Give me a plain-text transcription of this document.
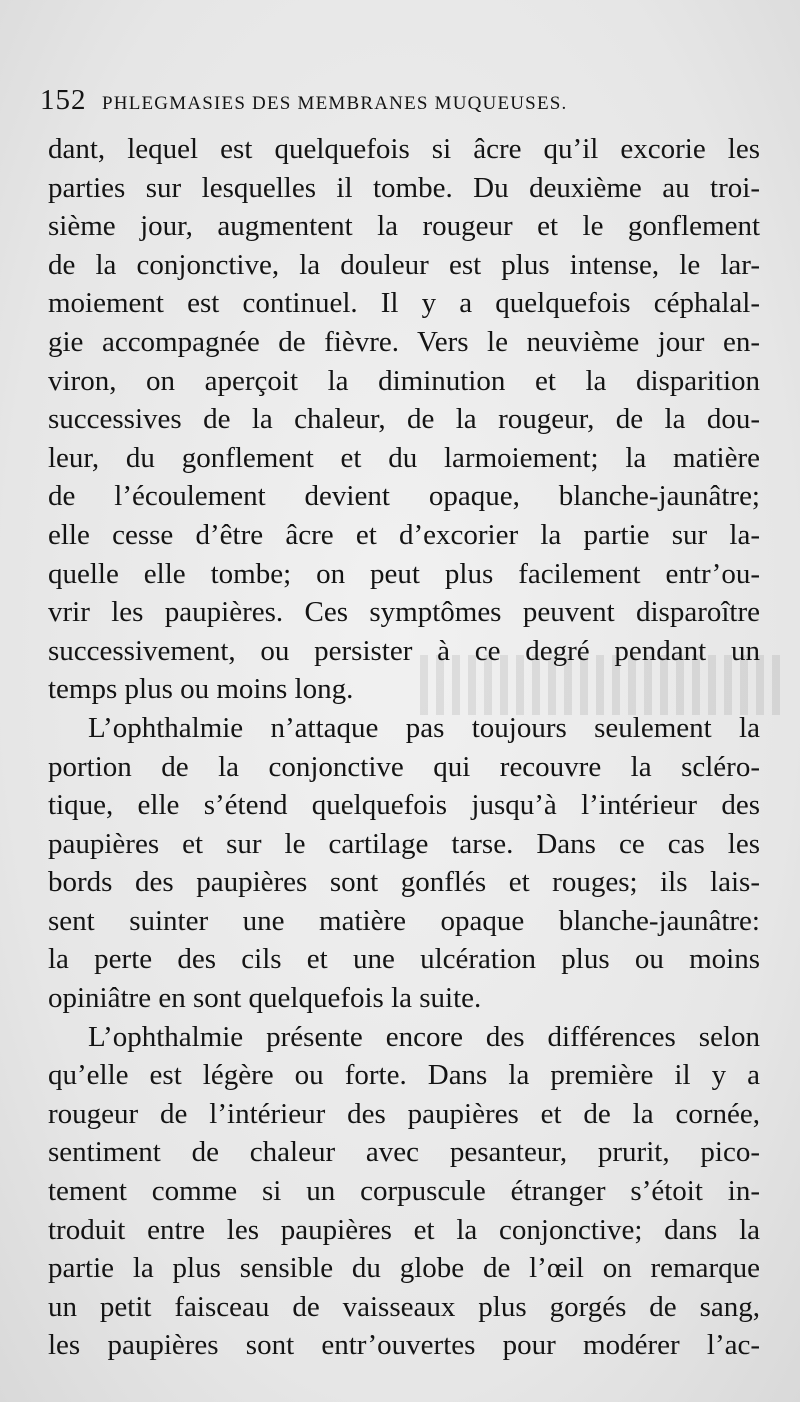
152 PHLEGMASIES DES MEMBRANES MUQUEUSES.
dant, lequel est quelquefois si âcre qu’il excorie les
parties sur lesquelles il tombe. Du deuxième au troi-
sième jour, augmentent la rougeur et le gonflement
de la conjonctive, la douleur est plus intense, le lar-
moiement est continuel. Il y a quelquefois céphalal-
gie accompagnée de fièvre. Vers le neuvième jour en-
viron, on aperçoit la diminution et la disparition
successives de la chaleur, de la rougeur, de la dou-
leur, du gonflement et du larmoiement; la matière
de l’écoulement devient opaque, blanche-jaunâtre;
elle cesse d’être âcre et d’excorier la partie sur la-
quelle elle tombe; on peut plus facilement entr’ou-
vrir les paupières. Ces symptômes peuvent disparoître
successivement, ou persister à ce degré pendant un
temps plus ou moins long.
L’ophthalmie n’attaque pas toujours seulement la
portion de la conjonctive qui recouvre la scléro-
tique, elle s’étend quelquefois jusqu’à l’intérieur des
paupières et sur le cartilage tarse. Dans ce cas les
bords des paupières sont gonflés et rouges; ils lais-
sent suinter une matière opaque blanche-jaunâtre:
la perte des cils et une ulcération plus ou moins
opiniâtre en sont quelquefois la suite.
L’ophthalmie présente encore des différences selon
qu’elle est légère ou forte. Dans la première il y a
rougeur de l’intérieur des paupières et de la cornée,
sentiment de chaleur avec pesanteur, prurit, pico-
tement comme si un corpuscule étranger s’étoit in-
troduit entre les paupières et la conjonctive; dans la
partie la plus sensible du globe de l’œil on remarque
un petit faisceau de vaisseaux plus gorgés de sang,
les paupières sont entr’ouvertes pour modérer l’ac-
